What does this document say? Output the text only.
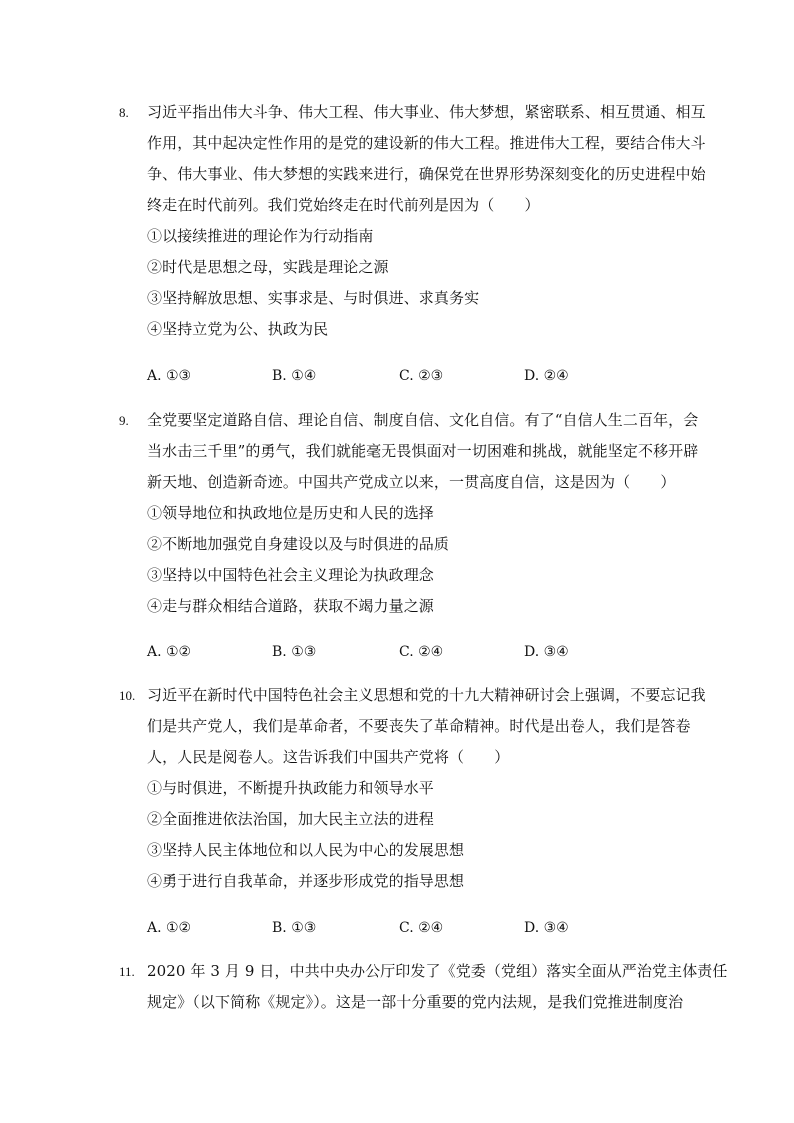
8. 习近平指出伟大斗争、伟大工程、伟大事业、伟大梦想，紧密联系、相互贯通、相互
作用，其中起决定性作用的是党的建设新的伟大工程。推进伟大工程，要结合伟大斗
争、伟大事业、伟大梦想的实践来进行，确保党在世界形势深刻变化的历史进程中始
终走在时代前列。我们党始终走在时代前列是因为（　　）
①以接续推进的理论作为行动指南
②时代是思想之母，实践是理论之源
③坚持解放思想、实事求是、与时俱进、求真务实
④坚持立党为公、执政为民
A. ①③	B. ①④	C. ②③	D. ②④
9. 全党要坚定道路自信、理论自信、制度自信、文化自信。有了“自信人生二百年，会
当水击三千里”的勇气，我们就能毫无畏惧面对一切困难和挑战，就能坚定不移开辟
新天地、创造新奇迹。中国共产党成立以来，一贯高度自信，这是因为（　　）
①领导地位和执政地位是历史和人民的选择
②不断地加强党自身建设以及与时俱进的品质
③坚持以中国特色社会主义理论为执政理念
④走与群众相结合道路，获取不竭力量之源
A. ①②	B. ①③	C. ②④	D. ③④
10. 习近平在新时代中国特色社会主义思想和党的十九大精神研讨会上强调，不要忘记我
们是共产党人，我们是革命者，不要丧失了革命精神。时代是出卷人，我们是答卷
人，人民是阅卷人。这告诉我们中国共产党将（　　）
①与时俱进，不断提升执政能力和领导水平
②全面推进依法治国，加大民主立法的进程
③坚持人民主体地位和以人民为中心的发展思想
④勇于进行自我革命，并逐步形成党的指导思想
A. ①②	B. ①③	C. ②④	D. ③④
11. 2020 年 3 月 9 日，中共中央办公厅印发了《党委（党组）落实全面从严治党主体责任
规定》（以下简称《规定》）。这是一部十分重要的党内法规，是我们党推进制度治
